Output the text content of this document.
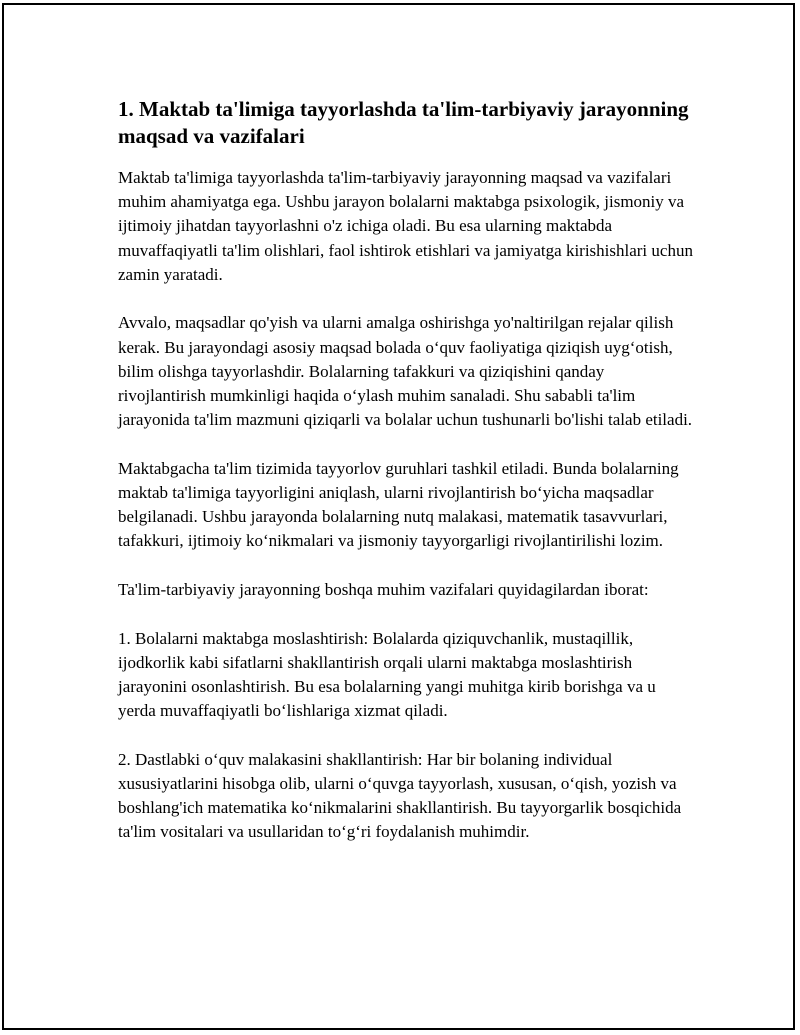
1. Maktab ta'limiga tayyorlashda ta'lim-tarbiyaviy jarayonning maqsad va vazifalari

Maktab ta'limiga tayyorlashda ta'lim-tarbiyaviy jarayonning maqsad va vazifalari muhim ahamiyatga ega. Ushbu jarayon bolalarni maktabga psixologik, jismoniy va ijtimoiy jihatdan tayyorlashni o'z ichiga oladi. Bu esa ularning maktabda muvaffaqiyatli ta'lim olishlari, faol ishtirok etishlari va jamiyatga kirishishlari uchun zamin yaratadi.

Avvalo, maqsadlar qo'yish va ularni amalga oshirishga yo'naltirilgan rejalar qilish kerak. Bu jarayondagi asosiy maqsad bolada o‘quv faoliyatiga qiziqish uyg‘otish, bilim olishga tayyorlashdir. Bolalarning tafakkuri va qiziqishini qanday rivojlantirish mumkinligi haqida o‘ylash muhim sanaladi. Shu sababli ta'lim jarayonida ta'lim mazmuni qiziqarli va bolalar uchun tushunarli bo'lishi talab etiladi.

Maktabgacha ta'lim tizimida tayyorlov guruhlari tashkil etiladi. Bunda bolalarning maktab ta'limiga tayyorligini aniqlash, ularni rivojlantirish bo‘yicha maqsadlar belgilanadi. Ushbu jarayonda bolalarning nutq malakasi, matematik tasavvurlari, tafakkuri, ijtimoiy ko‘nikmalari va jismoniy tayyorgarligi rivojlantirilishi lozim.

Ta'lim-tarbiyaviy jarayonning boshqa muhim vazifalari quyidagilardan iborat:

1. Bolalarni maktabga moslashtirish: Bolalarda qiziquvchanlik, mustaqillik, ijodkorlik kabi sifatlarni shakllantirish orqali ularni maktabga moslashtirish jarayonini osonlashtirish. Bu esa bolalarning yangi muhitga kirib borishga va u yerda muvaffaqiyatli bo‘lishlariga xizmat qiladi.

2. Dastlabki o‘quv malakasini shakllantirish: Har bir bolaning individual xususiyatlarini hisobga olib, ularni o‘quvga tayyorlash, xususan, o‘qish, yozish va boshlang'ich matematika ko‘nikmalarini shakllantirish. Bu tayyorgarlik bosqichida ta'lim vositalari va usullaridan to‘g‘ri foydalanish muhimdir.
